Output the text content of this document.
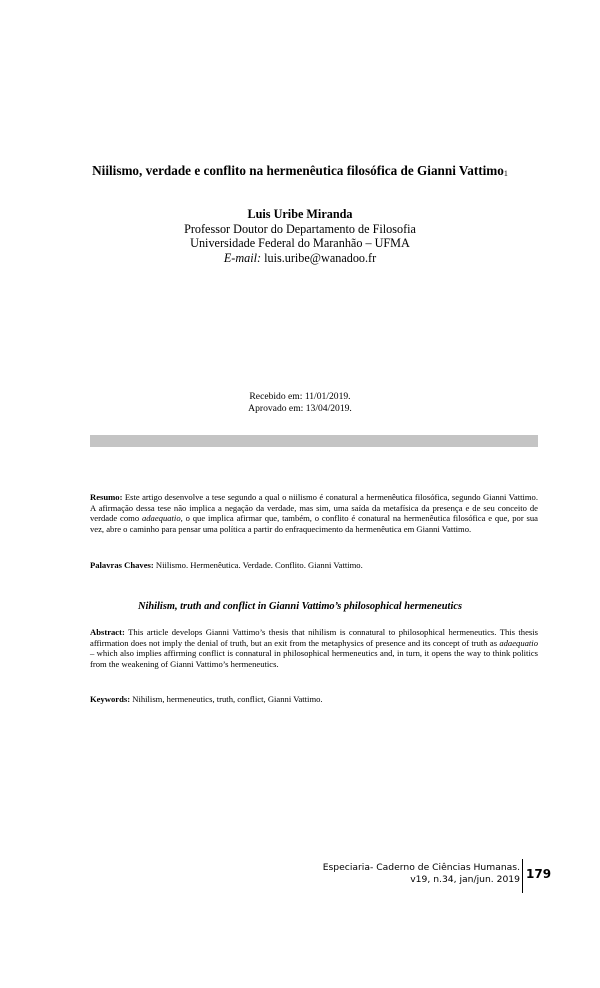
Niilismo, verdade e conflito na hermenêutica filosófica de Gianni Vattimo$^1$
Luis Uribe Miranda
Professor Doutor do Departamento de Filosofia
Universidade Federal do Maranhão – UFMA
E-mail: luis.uribe@wanadoo.fr
Recebido em: 11/01/2019.
Aprovado em: 13/04/2019.
Resumo: Este artigo desenvolve a tese segundo a qual o niilismo é conatural a hermenêutica filosófica, segundo Gianni Vattimo. A afirmação dessa tese não implica a negação da verdade, mas sim, uma saída da metafísica da presença e de seu conceito de verdade como adaequatio, o que implica afirmar que, também, o conflito é conatural na hermenêutica filosófica e que, por sua vez, abre o caminho para pensar uma política a partir do enfraquecimento da hermenêutica em Gianni Vattimo.
Palavras Chaves: Niilismo. Hermenêutica. Verdade. Conflito. Gianni Vattimo.
Nihilism, truth and conflict in Gianni Vattimo’s philosophical hermeneutics
Abstract: This article develops Gianni Vattimo’s thesis that nihilism is connatural to philosophical hermeneutics. This thesis affirmation does not imply the denial of truth, but an exit from the metaphysics of presence and its concept of truth as adaequatio – which also implies affirming conflict is connatural in philosophical hermeneutics and, in turn, it opens the way to think politics from the weakening of Gianni Vattimo’s hermeneutics.
Keywords: Nihilism, hermeneutics, truth, conflict, Gianni Vattimo.
Especiaria- Caderno de Ciências Humanas.
v19, n.34, jan/jun. 2019 179
